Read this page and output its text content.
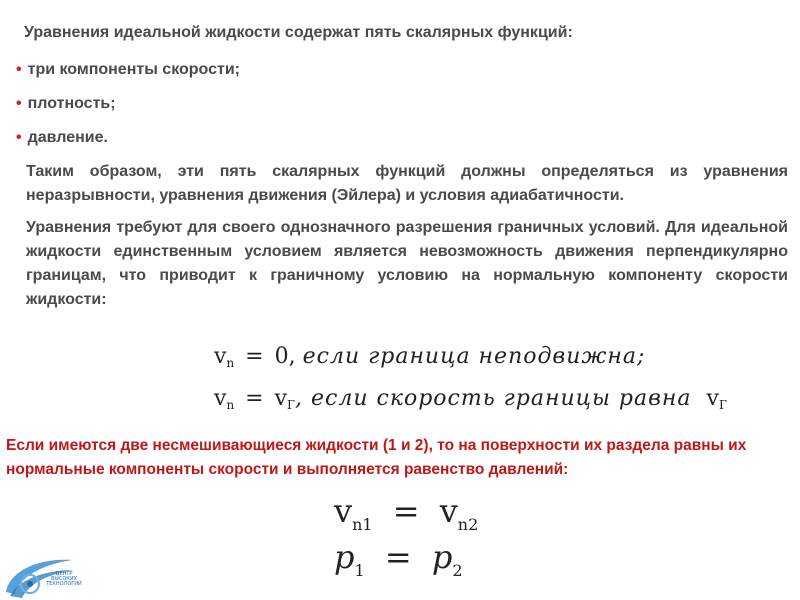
Уравнения идеальной жидкости содержат пять скалярных функций:
• три компоненты скорости;
• плотность;
• давление.

Таким образом, эти пять скалярных функций должны определяться из уравнения неразрывности, уравнения движения (Эйлера) и условия адиабатичности.

Уравнения требуют для своего однозначного разрешения граничных условий. Для идеальной жидкости единственным условием является невозможность движения перпендикулярно границам, что приводит к граничному условию на нормальную компоненту скорости жидкости:

vn = 0, если граница неподвижна;
vn = vГ, если скорость границы равна vГ

Если имеются две несмешивающиеся жидкости (1 и 2), то на поверхности их раздела равны их нормальные компоненты скорости и выполняется равенство давлений:

$v_{n1} = v_{n2}$
$p_1 = p_2$
ЦЕНТР
ВЫСОКИХ
ТЕХНОЛОГИЙ
